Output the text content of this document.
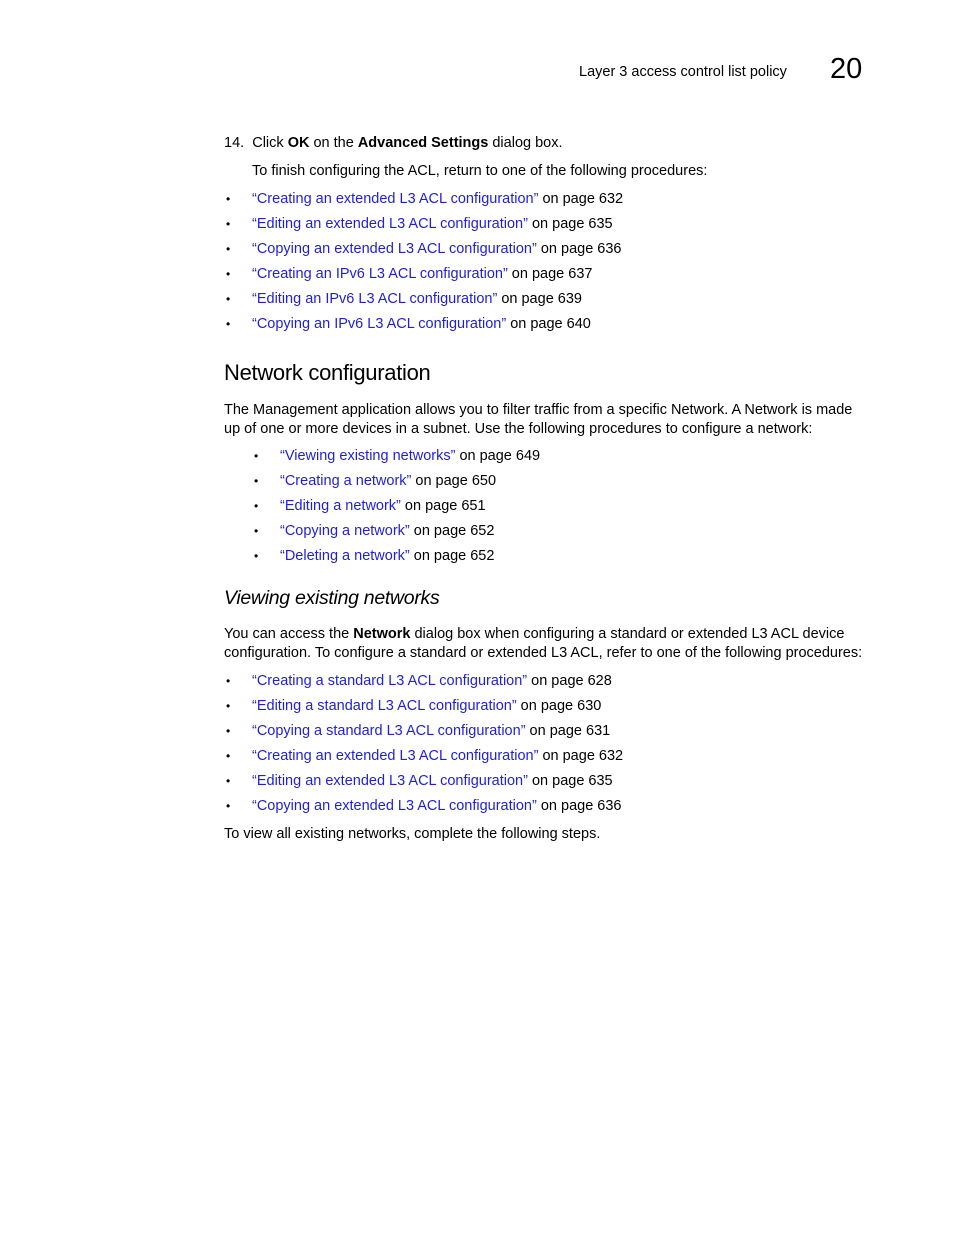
Layer 3 access control list policy 20
14. Click OK on the Advanced Settings dialog box.
To finish configuring the ACL, return to one of the following procedures:
• “Creating an extended L3 ACL configuration” on page 632
• “Editing an extended L3 ACL configuration” on page 635
• “Copying an extended L3 ACL configuration” on page 636
• “Creating an IPv6 L3 ACL configuration” on page 637
• “Editing an IPv6 L3 ACL configuration” on page 639
• “Copying an IPv6 L3 ACL configuration” on page 640
Network configuration
The Management application allows you to filter traffic from a specific Network. A Network is made
up of one or more devices in a subnet. Use the following procedures to configure a network:
• “Viewing existing networks” on page 649
• “Creating a network” on page 650
• “Editing a network” on page 651
• “Copying a network” on page 652
• “Deleting a network” on page 652
Viewing existing networks
You can access the Network dialog box when configuring a standard or extended L3 ACL device
configuration. To configure a standard or extended L3 ACL, refer to one of the following procedures:
• “Creating a standard L3 ACL configuration” on page 628
• “Editing a standard L3 ACL configuration” on page 630
• “Copying a standard L3 ACL configuration” on page 631
• “Creating an extended L3 ACL configuration” on page 632
• “Editing an extended L3 ACL configuration” on page 635
• “Copying an extended L3 ACL configuration” on page 636
To view all existing networks, complete the following steps.
